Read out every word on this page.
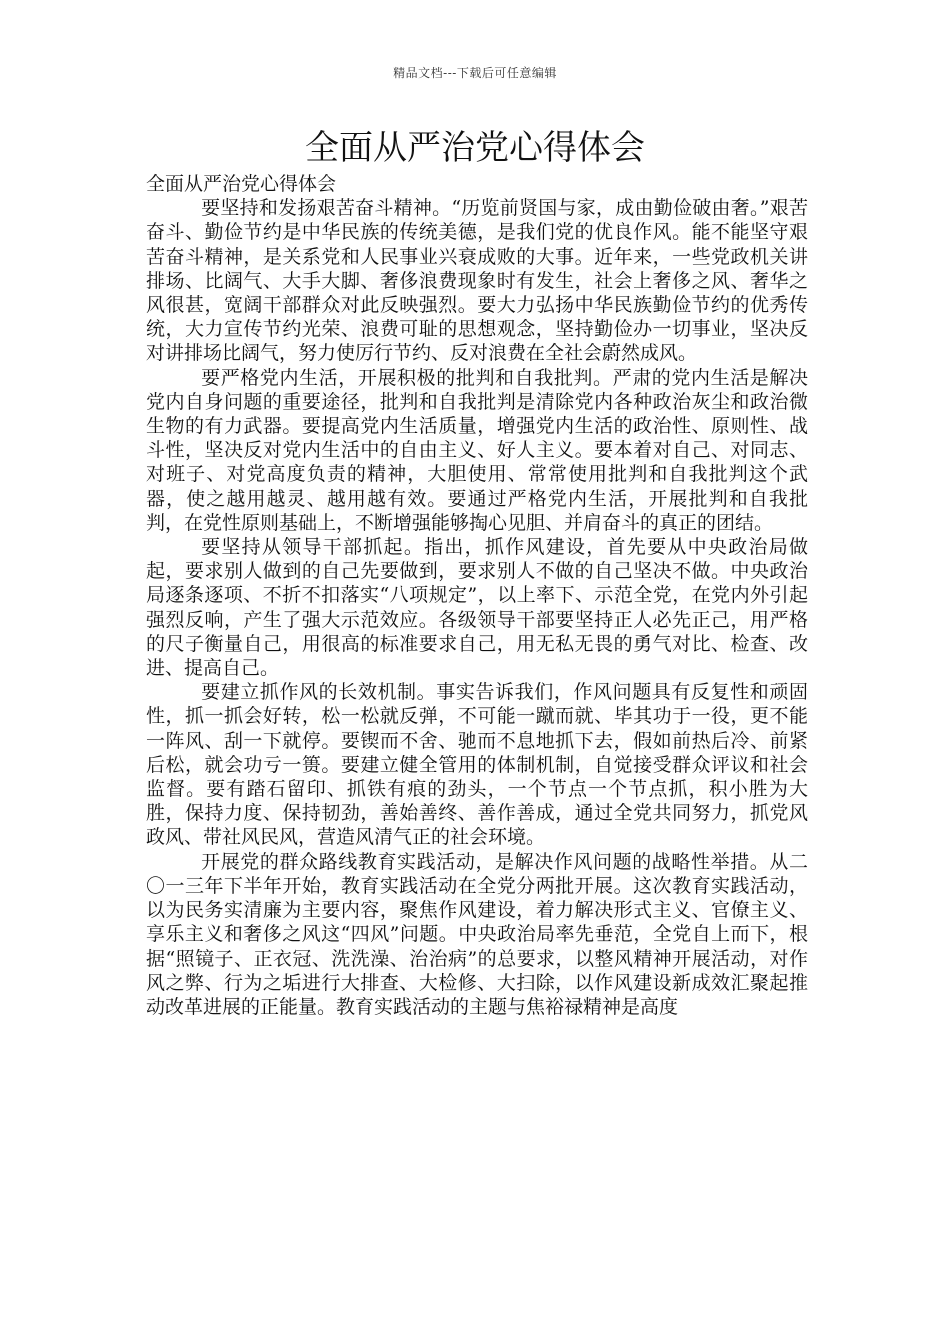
精品文档---下载后可任意编辑
全面从严治党心得体会

全面从严治党心得体会

要坚持和发扬艰苦奋斗精神。“历览前贤国与家，成由勤俭破由奢。”艰苦奋斗、勤俭节约是中华民族的传统美德，是我们党的优良作风。能不能坚守艰苦奋斗精神，是关系党和人民事业兴衰成败的大事。近年来，一些党政机关讲排场、比阔气、大手大脚、奢侈浪费现象时有发生，社会上奢侈之风、奢华之风很甚，宽阔干部群众对此反映强烈。要大力弘扬中华民族勤俭节约的优秀传统，大力宣传节约光荣、浪费可耻的思想观念，坚持勤俭办一切事业，坚决反对讲排场比阔气，努力使厉行节约、反对浪费在全社会蔚然成风。

要严格党内生活，开展积极的批判和自我批判。严肃的党内生活是解决党内自身问题的重要途径，批判和自我批判是清除党内各种政治灰尘和政治微生物的有力武器。要提高党内生活质量，增强党内生活的政治性、原则性、战斗性，坚决反对党内生活中的自由主义、好人主义。要本着对自己、对同志、对班子、对党高度负责的精神，大胆使用、常常使用批判和自我批判这个武器，使之越用越灵、越用越有效。要通过严格党内生活，开展批判和自我批判，在党性原则基础上，不断增强能够掏心见胆、并肩奋斗的真正的团结。

要坚持从领导干部抓起。指出，抓作风建设，首先要从中央政治局做起，要求别人做到的自己先要做到，要求别人不做的自己坚决不做。中央政治局逐条逐项、不折不扣落实“八项规定”，以上率下、示范全党，在党内外引起强烈反响，产生了强大示范效应。各级领导干部要坚持正人必先正己，用严格的尺子衡量自己，用很高的标准要求自己，用无私无畏的勇气对比、检查、改进、提高自己。

要建立抓作风的长效机制。事实告诉我们，作风问题具有反复性和顽固性，抓一抓会好转，松一松就反弹，不可能一蹴而就、毕其功于一役，更不能一阵风、刮一下就停。要锲而不舍、驰而不息地抓下去，假如前热后冷、前紧后松，就会功亏一篑。要建立健全管用的体制机制，自觉接受群众评议和社会监督。要有踏石留印、抓铁有痕的劲头，一个节点一个节点抓，积小胜为大胜，保持力度、保持韧劲，善始善终、善作善成，通过全党共同努力，抓党风政风、带社风民风，营造风清气正的社会环境。

开展党的群众路线教育实践活动，是解决作风问题的战略性举措。从二〇一三年下半年开始，教育实践活动在全党分两批开展。这次教育实践活动，以为民务实清廉为主要内容，聚焦作风建设，着力解决形式主义、官僚主义、享乐主义和奢侈之风这“四风”问题。中央政治局率先垂范，全党自上而下，根据“照镜子、正衣冠、洗洗澡、治治病”的总要求，以整风精神开展活动，对作风之弊、行为之垢进行大排查、大检修、大扫除，以作风建设新成效汇聚起推动改革进展的正能量。教育实践活动的主题与焦裕禄精神是高度
